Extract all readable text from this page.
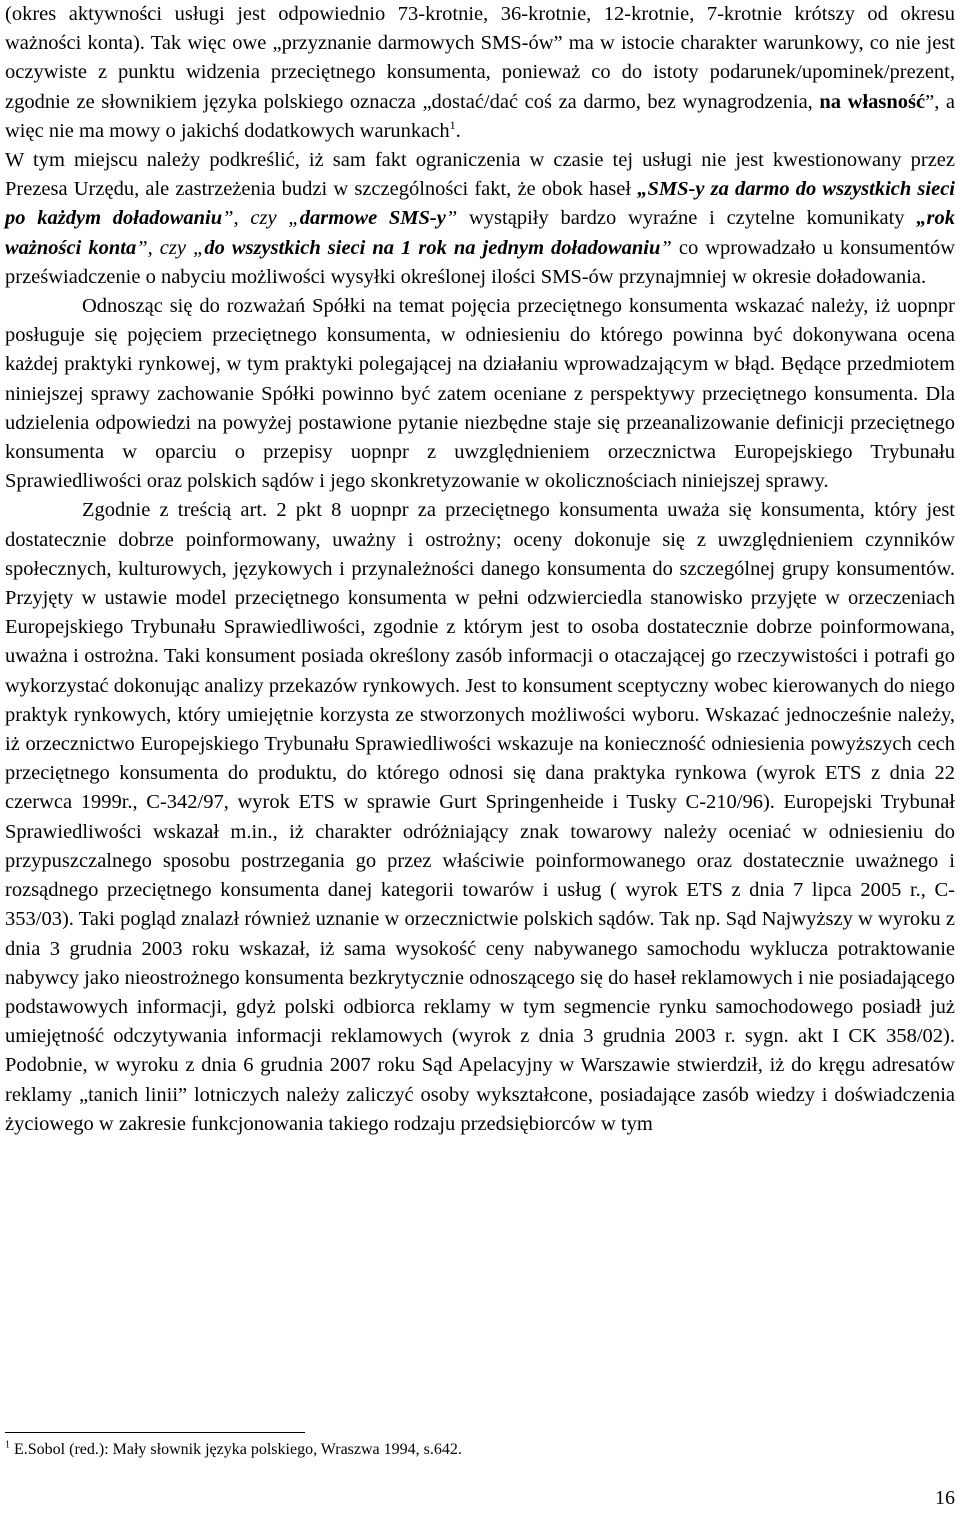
(okres aktywności usługi jest odpowiednio 73-krotnie, 36-krotnie, 12-krotnie, 7-krotnie krótszy od okresu ważności konta). Tak więc owe „przyznanie darmowych SMS-ów” ma w istocie charakter warunkowy, co nie jest oczywiste z punktu widzenia przeciętnego konsumenta, ponieważ co do istoty podarunek/upominek/prezent, zgodnie ze słownikiem języka polskiego oznacza „dostać/dać coś za darmo, bez wynagrodzenia, na własność”, a więc nie ma mowy o jakichś dodatkowych warunkach$^1$.

W tym miejscu należy podkreślić, iż sam fakt ograniczenia w czasie tej usługi nie jest kwestionowany przez Prezesa Urzędu, ale zastrzeżenia budzi w szczególności fakt, że obok haseł „SMS-y za darmo do wszystkich sieci po każdym doładowaniu”, czy „darmowe SMS-y” wystąpiły bardzo wyraźne i czytelne komunikaty „rok ważności konta”, czy „do wszystkich sieci na 1 rok na jednym doładowaniu” co wprowadzało u konsumentów przeświadczenie o nabyciu możliwości wysyłki określonej ilości SMS-ów przynajmniej w okresie doładowania.

Odnosząc się do rozważań Spółki na temat pojęcia przeciętnego konsumenta wskazać należy, iż uopnpr posługuje się pojęciem przeciętnego konsumenta, w odniesieniu do którego powinna być dokonywana ocena każdej praktyki rynkowej, w tym praktyki polegającej na działaniu wprowadzającym w błąd. Będące przedmiotem niniejszej sprawy zachowanie Spółki powinno być zatem oceniane z perspektywy przeciętnego konsumenta. Dla udzielenia odpowiedzi na powyżej postawione pytanie niezbędne staje się przeanalizowanie definicji przeciętnego konsumenta w oparciu o przepisy uopnpr z uwzględnieniem orzecznictwa Europejskiego Trybunału Sprawiedliwości oraz polskich sądów i jego skonkretyzowanie w okolicznościach niniejszej sprawy.

Zgodnie z treścią art. 2 pkt 8 uopnpr za przeciętnego konsumenta uważa się konsumenta, który jest dostatecznie dobrze poinformowany, uważny i ostrożny; oceny dokonuje się z uwzględnieniem czynników społecznych, kulturowych, językowych i przynależności danego konsumenta do szczególnej grupy konsumentów. Przyjęty w ustawie model przeciętnego konsumenta w pełni odzwierciedla stanowisko przyjęte w orzeczeniach Europejskiego Trybunału Sprawiedliwości, zgodnie z którym jest to osoba dostatecznie dobrze poinformowana, uważna i ostrożna. Taki konsument posiada określony zasób informacji o otaczającej go rzeczywistości i potrafi go wykorzystać dokonując analizy przekazów rynkowych. Jest to konsument sceptyczny wobec kierowanych do niego praktyk rynkowych, który umiejętnie korzysta ze stworzonych możliwości wyboru. Wskazać jednocześnie należy, iż orzecznictwo Europejskiego Trybunału Sprawiedliwości wskazuje na konieczność odniesienia powyższych cech przeciętnego konsumenta do produktu, do którego odnosi się dana praktyka rynkowa (wyrok ETS z dnia 22 czerwca 1999r., C-342/97, wyrok ETS w sprawie Gurt Springenheide i Tusky C-210/96). Europejski Trybunał Sprawiedliwości wskazał m.in., iż charakter odróżniający znak towarowy należy oceniać w odniesieniu do przypuszczalnego sposobu postrzegania go przez właściwie poinformowanego oraz dostatecznie uważnego i rozsądnego przeciętnego konsumenta danej kategorii towarów i usług ( wyrok ETS z dnia 7 lipca 2005 r., C-353/03). Taki pogląd znalazł również uznanie w orzecznictwie polskich sądów. Tak np. Sąd Najwyższy w wyroku z dnia 3 grudnia 2003 roku wskazał, iż sama wysokość ceny nabywanego samochodu wyklucza potraktowanie nabywcy jako nieostrożnego konsumenta bezkrytycznie odnoszącego się do haseł reklamowych i nie posiadającego podstawowych informacji, gdyż polski odbiorca reklamy w tym segmencie rynku samochodowego posiadł już umiejętność odczytywania informacji reklamowych (wyrok z dnia 3 grudnia 2003 r. sygn. akt I CK 358/02). Podobnie, w wyroku z dnia 6 grudnia 2007 roku Sąd Apelacyjny w Warszawie stwierdził, iż do kręgu adresatów reklamy „tanich linii” lotniczych należy zaliczyć osoby wykształcone, posiadające zasób wiedzy i doświadczenia życiowego w zakresie funkcjonowania takiego rodzaju przedsiębiorców w tym

$^1$ E.Sobol (red.): Mały słownik języka polskiego, Wraszwa 1994, s.642.
16
